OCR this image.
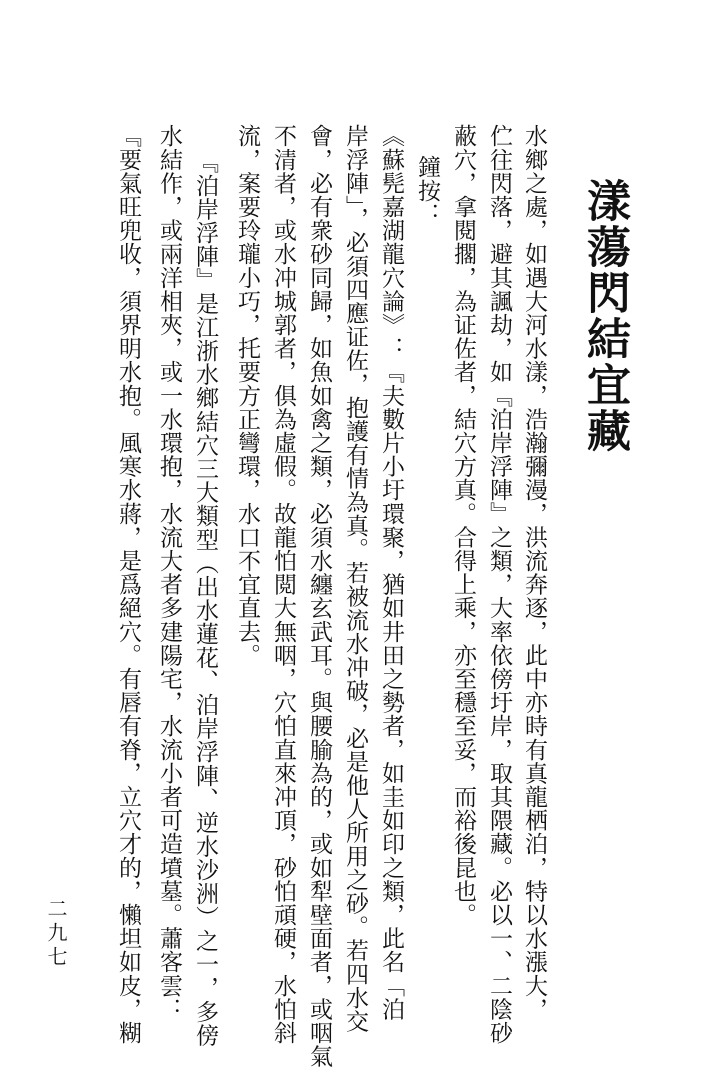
漾蕩閃結宜藏
水鄉之處，如遇大河水漾，浩瀚彌漫，洪流奔逐，此中亦時有真龍栖泊，特以水漲大，
伫往閃落，避其諷劫，如『泊岸浮陣』之類，大率依傍圩岸，取其隈藏。必以一、二陰砂
蔽穴，拿閱擱，為证佐者，結穴方真。合得上乘，亦至穩至妥，而裕後昆也。
鐘按：
《蘇髡嘉湖龍穴論》：『夫數片小圩環聚，猶如井田之勢者，如圭如印之類，此名「泊
岸浮陣」，必須四應证佐，抱護有情為真。若被流水冲破，必是他人所用之砂。若四水交
會，必有衆砂同歸，如魚如禽之類，必須水纏玄武耳。與腰腧為的，或如犁壁面者，或咽氣
不清者，或水冲城郭者，俱為虛假。故龍怕閲大無咽，穴怕直來冲頂，砂怕頑硬，水怕斜
流，案要玲瓏小巧，托要方正彎環，水口不宜直去。
『泊岸浮陣』是江浙水鄉結穴三大類型（出水蓮花、泊岸浮陣、逆水沙洲）之一，多傍
水結作，或兩洋相夾，或一水環抱，水流大者多建陽宅，水流小者可造墳墓。蕭客雲：
『要氣旺兜收，須界明水抱。風寒水蔣，是爲絕穴。有唇有脊，立穴才的，懶坦如皮，糊
二九七
